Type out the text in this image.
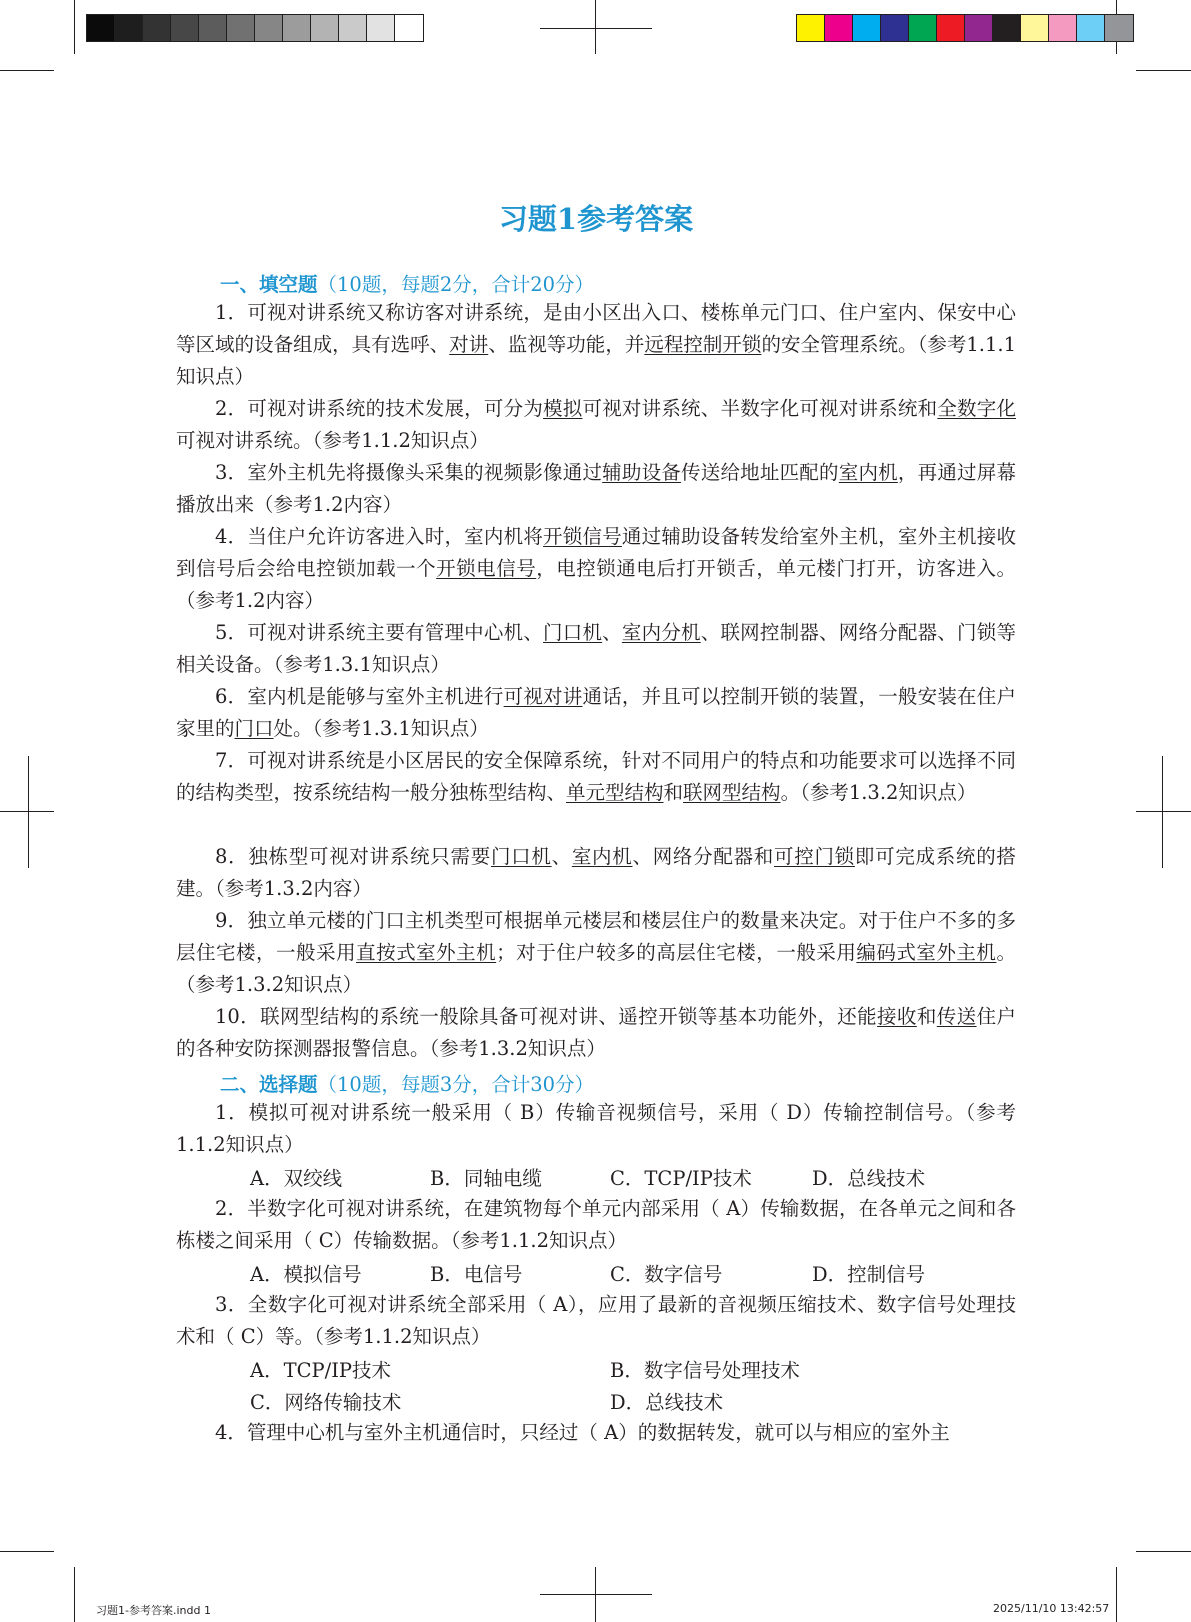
习题1参考答案
一、填空题（10题，每题2分，合计20分）
1．可视对讲系统又称访客对讲系统，是由小区出入口、楼栋单元门口、住户室内、保安中心等区域的设备组成，具有选呼、对讲、监视等功能，并远程控制开锁的安全管理系统。（参考1.1.1知识点）
2．可视对讲系统的技术发展，可分为模拟可视对讲系统、半数字化可视对讲系统和全数字化可视对讲系统。（参考1.1.2知识点）
3．室外主机先将摄像头采集的视频影像通过辅助设备传送给地址匹配的室内机，再通过屏幕播放出来（参考1.2内容）
4．当住户允许访客进入时，室内机将开锁信号通过辅助设备转发给室外主机，室外主机接收到信号后会给电控锁加载一个开锁电信号，电控锁通电后打开锁舌，单元楼门打开，访客进入。（参考1.2内容）
5．可视对讲系统主要有管理中心机、门口机、室内分机、联网控制器、网络分配器、门锁等相关设备。（参考1.3.1知识点）
6．室内机是能够与室外主机进行可视对讲通话，并且可以控制开锁的装置，一般安装在住户家里的门口处。（参考1.3.1知识点）
7．可视对讲系统是小区居民的安全保障系统，针对不同用户的特点和功能要求可以选择不同的结构类型，按系统结构一般分独栋型结构、单元型结构和联网型结构。（参考1.3.2知识点）
8．独栋型可视对讲系统只需要门口机、室内机、网络分配器和可控门锁即可完成系统的搭建。（参考1.3.2内容）
9．独立单元楼的门口主机类型可根据单元楼层和楼层住户的数量来决定。对于住户不多的多层住宅楼，一般采用直按式室外主机；对于住户较多的高层住宅楼，一般采用编码式室外主机。（参考1.3.2知识点）
10．联网型结构的系统一般除具备可视对讲、遥控开锁等基本功能外，还能接收和传送住户的各种安防探测器报警信息。（参考1.3.2知识点）
二、选择题（10题，每题3分，合计30分）
1．模拟可视对讲系统一般采用（ B）传输音视频信号，采用（ D）传输控制信号。（参考1.1.2知识点）
A．双绞线	B．同轴电缆	C．TCP/IP技术	D．总线技术
2．半数字化可视对讲系统，在建筑物每个单元内部采用（ A）传输数据，在各单元之间和各栋楼之间采用（ C）传输数据。（参考1.1.2知识点）
A．模拟信号	B．电信号	C．数字信号	D．控制信号
3．全数字化可视对讲系统全部采用（ A），应用了最新的音视频压缩技术、数字信号处理技术和（ C）等。（参考1.1.2知识点）
A．TCP/IP技术	B．数字信号处理技术
C．网络传输技术	D．总线技术
4．管理中心机与室外主机通信时，只经过（ A）的数据转发，就可以与相应的室外主
习题1-参考答案.indd 1	2025/11/10 13:42:57
